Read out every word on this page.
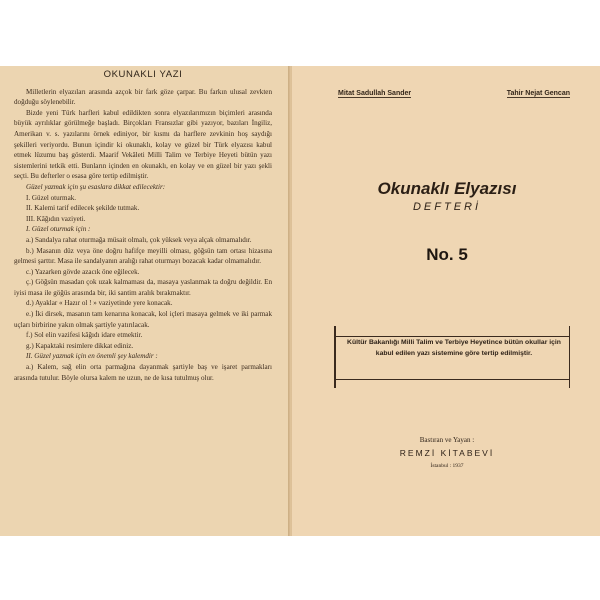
OKUNAKLI YAZI

Milletlerin elyazıları arasında azçok bir fark göze çarpar. Bu farkın ulusal zevkten doğduğu söylenebilir.

Bizde yeni Türk harfleri kabul edildikten sonra elyazılarımızın biçimleri arasında büyük ayrılıklar görülmeğe başladı. Birçokları Fransızlar gibi yazıyor, bazıları İngiliz, Amerikan v. s. yazılarını örnek ediniyor, bir kısmı da harflere zevkinin hoş saydığı şekilleri veriyordu. Bunun içindir ki okunaklı, kolay ve güzel bir Türk elyazısı kabul etmek lüzumu baş gösterdi. Maarif Vekâleti Milli Talim ve Terbiye Heyeti bütün yazı sistemlerini tetkik etti. Bunların içinden en okunaklı, en kolay ve en güzel bir yazı şekli seçti. Bu defterler o esasa göre tertip edilmiştir.

Güzel yazmak için şu esaslara dikkat edilecektir:

I. Güzel oturmak.

II. Kalemi tarif edilecek şekilde tutmak.

III. Kâğıdın vaziyeti.

I. Güzel oturmak için :

a.) Sandalya rahat oturmağa müsait olmalı, çok yüksek veya alçak olmamalıdır.

b.) Masanın düz veya öne doğru hafifçe meyilli olması, göğsün tam ortası hizasına gelmesi şarttır. Masa ile sandalyanın aralığı rahat oturmayı bozacak kadar olmamalıdır.

c.) Yazarken gövde azacık öne eğilecek.

ç.) Göğsün masadan çok uzak kalmaması da, masaya yaslanmak ta doğru değildir. En iyisi masa ile göğüs arasında bir, iki santim aralık bırakmaktır.

d.) Ayaklar « Hazır ol ! » vaziyetinde yere konacak.

e.) İki dirsek, masanın tam kenarına konacak, kol içleri masaya gelmek ve iki parmak uçları birbirine yakın olmak şartiyle yatırılacak.

f.) Sol elin vazifesi kâğıdı idare etmektir.

g.) Kapaktaki resimlere dikkat ediniz.

II. Güzel yazmak için en önemli şey kalemdir :

a.) Kalem, sağ elin orta parmağına dayanmak şartiyle baş ve işaret parmakları arasında tutulur. Böyle olursa kalem ne uzun, ne de kısa tutulmuş olur.

Mitat Sadullah Sander	Tahir Nejat Gencan
Okunaklı Elyazısı
DEFTERİ
No. 5
Kültür Bakanlığı Milli Talim ve Terbiye Heyetince bütün okullar için kabul edilen yazı sistemine göre tertip edilmiştir.
Bastıran ve Yayan :
REMZİ KİTABEVİ
İstanbul : 1937
